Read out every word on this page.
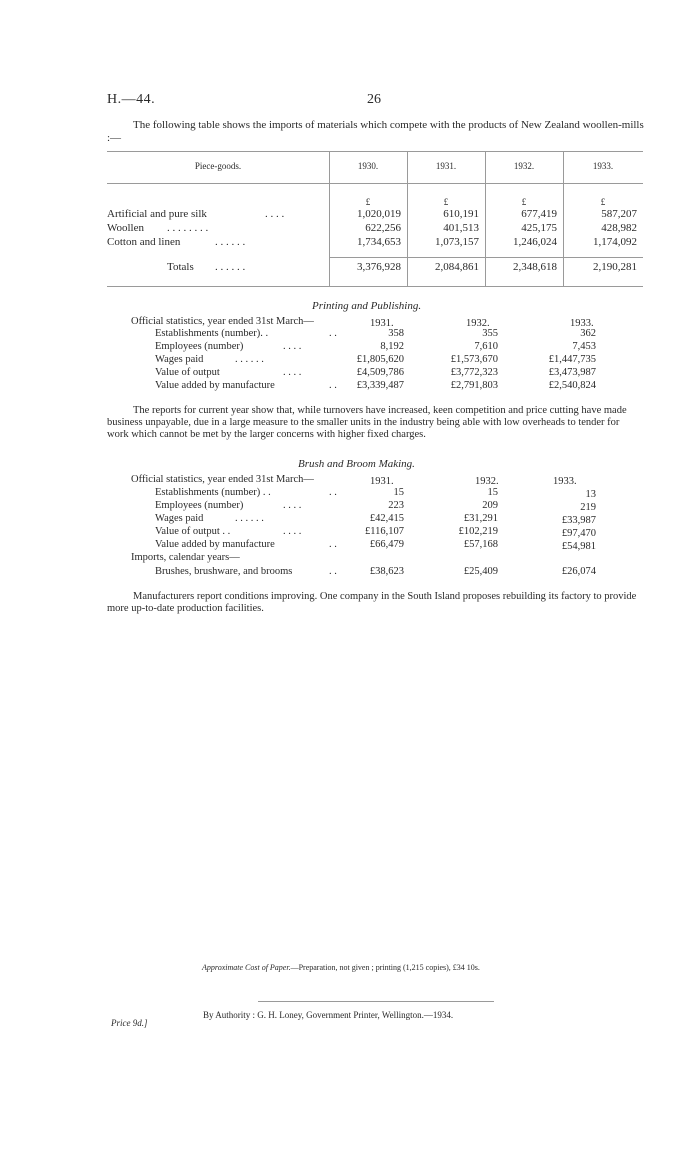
H.—44.	26
The following table shows the imports of materials which compete with the products of New Zealand woollen-mills :—
Piece-goods.	1930.	1931.	1932.	1933.
£	£	£	£
Artificial and pure silk	. . . .	1,020,019	610,191	677,419	587,207
Woollen . . . . . . . .	622,256	401,513	425,175	428,982
Cotton and linen	. . . . . .	1,734,653	1,073,157	1,246,024	1,174,092
Totals . . . . . .	3,376,928	2,084,861	2,348,618	2,190,281
Printing and Publishing.
Official statistics, year ended 31st March—	1931.	1932.	1933.
Establishments (number). .	. .	358	355	362
Employees (number)	. . . .	8,192	7,610	7,453
Wages paid	. . . . . .	£1,805,620	£1,573,670	£1,447,735
Value of output	. . . .	£4,509,786	£3,772,323	£3,473,987
Value added by manufacture	. .	£3,339,487	£2,791,803	£2,540,824
The reports for current year show that, while turnovers have increased, keen competition and price cutting have made business unpayable, due in a large measure to the smaller units in the industry being able with low overheads to tender for work which cannot be met by the larger concerns with higher fixed charges.
Brush and Broom Making.
Official statistics, year ended 31st March—	1931.	1932.	1933.
Establishments (number) . .	. .	15	15	13
Employees (number)	. . . .	223	209	219
Wages paid	. . . . . .	£42,415	£31,291	£33,987
Value of output . .	. . . .	£116,107	£102,219	£97,470
Value added by manufacture	. .	£66,479	£57,168	£54,981
Imports, calendar years—
Brushes, brushware, and brooms	. .	£38,623	£25,409	£26,074
Manufacturers report conditions improving. One company in the South Island proposes rebuilding its factory to provide more up-to-date production facilities.
Approximate Cost of Paper.—Preparation, not given ; printing (1,215 copies), £34 10s.
By Authority : G. H. Loney, Government Printer, Wellington.—1934.
Price 9d.]
